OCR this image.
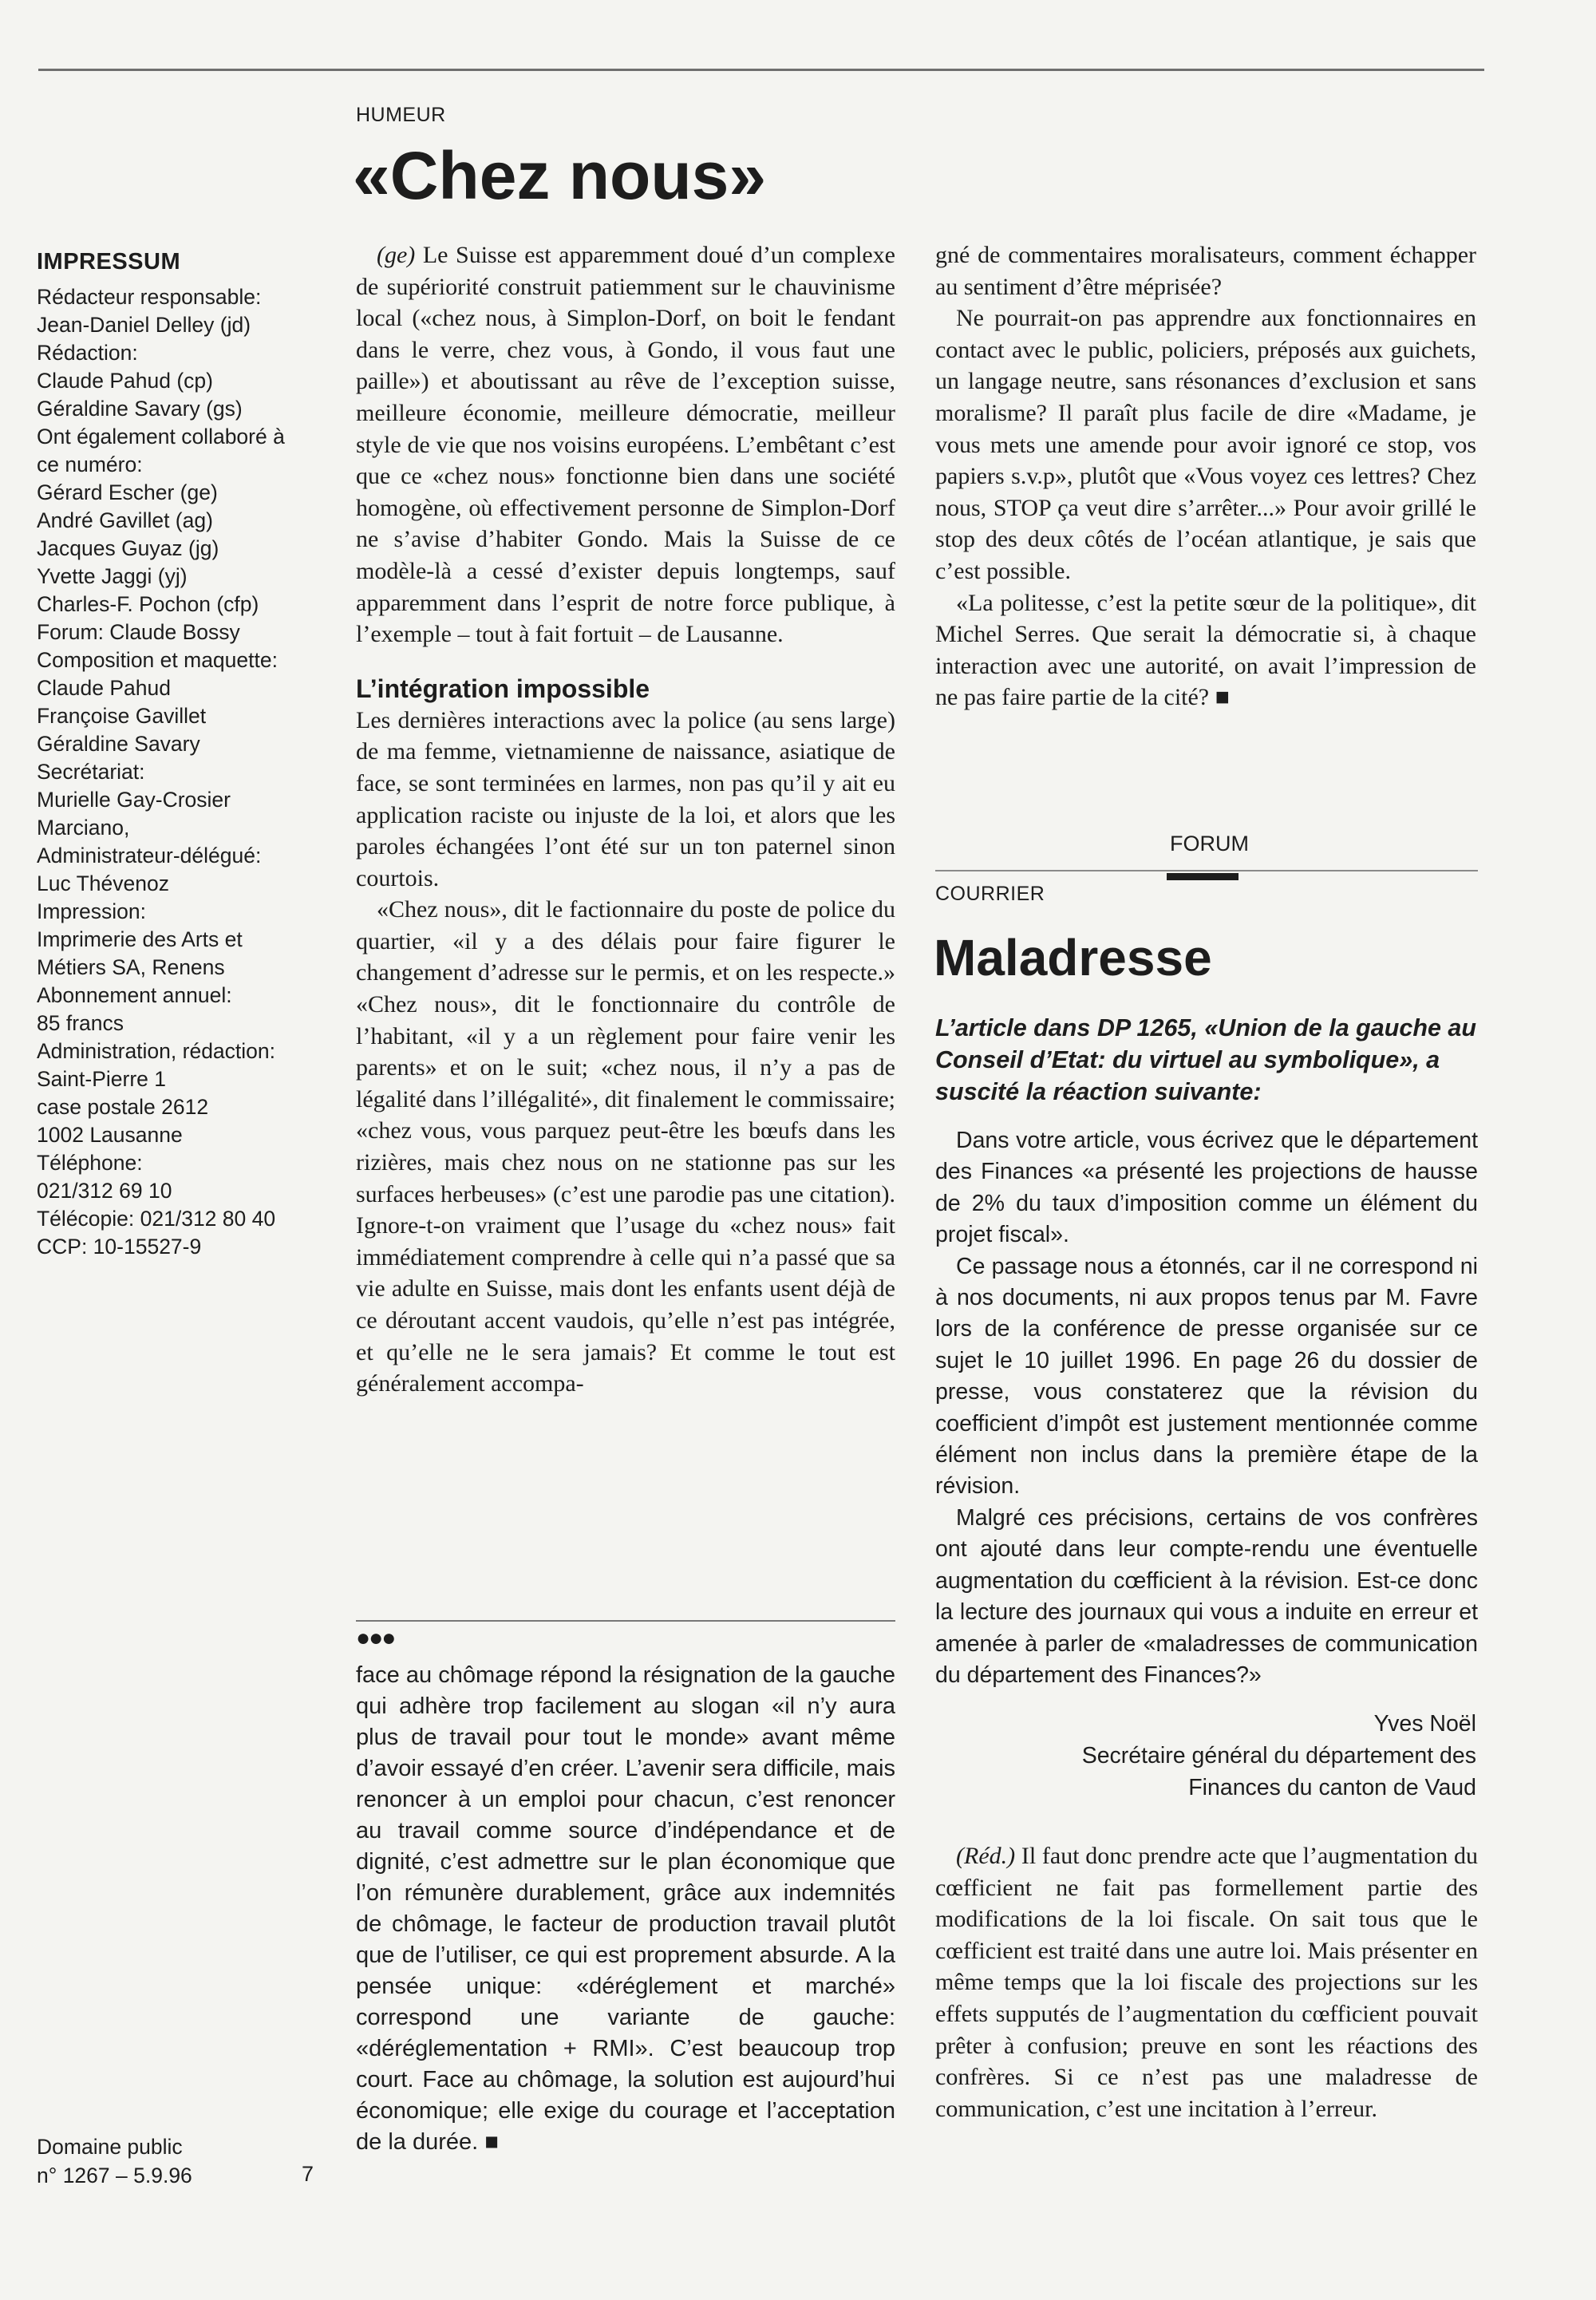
IMPRESSUM

Rédacteur responsable:

Jean-Daniel Delley (jd)

Rédaction:

Claude Pahud (cp)

Géraldine Savary (gs)

Ont également collaboré à

ce numéro:

Gérard Escher (ge)

André Gavillet (ag)

Jacques Guyaz (jg)

Yvette Jaggi (yj)

Charles-F. Pochon (cfp)

Forum: Claude Bossy

Composition et maquette:

Claude Pahud

Françoise Gavillet

Géraldine Savary

Secrétariat:

Murielle Gay-Crosier

Marciano,

Administrateur-délégué:

Luc Thévenoz

Impression:

Imprimerie des Arts et

Métiers SA, Renens

Abonnement annuel:

85 francs

Administration, rédaction:

Saint-Pierre 1

case postale 2612

1002 Lausanne

Téléphone:

021/312 69 10

Télécopie: 021/312 80 40

CCP: 10-15527-9

Domaine public
n° 1267 – 5.9.96	7
HUMEUR
«Chez nous»

(ge) Le Suisse est apparemment doué d’un complexe de supériorité construit patiemment sur le chauvinisme local («chez nous, à Simplon-Dorf, on boit le fendant dans le verre, chez vous, à Gondo, il vous faut une paille») et aboutissant au rêve de l’exception suisse, meilleure économie, meilleure démocratie, meilleur style de vie que nos voisins européens. L’embêtant c’est que ce «chez nous» fonctionne bien dans une société homogène, où effectivement personne de Simplon-Dorf ne s’avise d’habiter Gondo. Mais la Suisse de ce modèle-là a cessé d’exister depuis longtemps, sauf apparemment dans l’esprit de notre force publique, à l’exemple – tout à fait fortuit – de Lausanne.

L’intégration impossible

Les dernières interactions avec la police (au sens large) de ma femme, vietnamienne de naissance, asiatique de face, se sont terminées en larmes, non pas qu’il y ait eu application raciste ou injuste de la loi, et alors que les paroles échangées l’ont été sur un ton paternel sinon courtois.

«Chez nous», dit le factionnaire du poste de police du quartier, «il y a des délais pour faire figurer le changement d’adresse sur le permis, et on les respecte.» «Chez nous», dit le fonctionnaire du contrôle de l’habitant, «il y a un règlement pour faire venir les parents» et on le suit; «chez nous, il n’y a pas de légalité dans l’illégalité», dit finalement le commissaire; «chez vous, vous parquez peut-être les bœufs dans les rizières, mais chez nous on ne stationne pas sur les surfaces herbeuses» (c’est une parodie pas une citation). Ignore-t-on vraiment que l’usage du «chez nous» fait immédiatement comprendre à celle qui n’a passé que sa vie adulte en Suisse, mais dont les enfants usent déjà de ce déroutant accent vaudois, qu’elle n’est pas intégrée, et qu’elle ne le sera jamais? Et comme le tout est généralement accompa-

●●●

face au chômage répond la résignation de la gauche qui adhère trop facilement au slogan «il n’y aura plus de travail pour tout le monde» avant même d’avoir essayé d’en créer. L’avenir sera difficile, mais renoncer à un emploi pour chacun, c’est renoncer au travail comme source d’indépendance et de dignité, c’est admettre sur le plan économique que l’on rémunère durablement, grâce aux indemnités de chômage, le facteur de production travail plutôt que de l’utiliser, ce qui est proprement absurde. A la pensée unique: «déréglement et marché» correspond une variante de gauche: «déréglementation + RMI». C’est beaucoup trop court. Face au chômage, la solution est aujourd’hui économique; elle exige du courage et l’acceptation de la durée. ■

gné de commentaires moralisateurs, comment échapper au sentiment d’être méprisée?

Ne pourrait-on pas apprendre aux fonctionnaires en contact avec le public, policiers, préposés aux guichets, un langage neutre, sans résonances d’exclusion et sans moralisme? Il paraît plus facile de dire «Madame, je vous mets une amende pour avoir ignoré ce stop, vos papiers s.v.p», plutôt que «Vous voyez ces lettres? Chez nous, STOP ça veut dire s’arrêter...» Pour avoir grillé le stop des deux côtés de l’océan atlantique, je sais que c’est possible.

«La politesse, c’est la petite sœur de la politique», dit Michel Serres. Que serait la démocratie si, à chaque interaction avec une autorité, on avait l’impression de ne pas faire partie de la cité? ■

FORUM
COURRIER
Maladresse

L’article dans DP 1265, «Union de la gauche au Conseil d’Etat: du virtuel au symbolique», a suscité la réaction suivante:

Dans votre article, vous écrivez que le département des Finances «a présenté les projections de hausse de 2% du taux d’imposition comme un élément du projet fiscal».

Ce passage nous a étonnés, car il ne correspond ni à nos documents, ni aux propos tenus par M. Favre lors de la conférence de presse organisée sur ce sujet le 10 juillet 1996. En page 26 du dossier de presse, vous constaterez que la révision du coefficient d’impôt est justement mentionnée comme élément non inclus dans la première étape de la révision.

Malgré ces précisions, certains de vos confrères ont ajouté dans leur compte-rendu une éventuelle augmentation du cœfficient à la révision. Est-ce donc la lecture des journaux qui vous a induite en erreur et amenée à parler de «maladresses de communication du département des Finances?»

Yves Noël
Secrétaire général du département des
Finances du canton de Vaud

(Réd.) Il faut donc prendre acte que l’augmentation du cœfficient ne fait pas formellement partie des modifications de la loi fiscale. On sait tous que le cœfficient est traité dans une autre loi. Mais présenter en même temps que la loi fiscale des projections sur les effets supputés de l’augmentation du cœfficient pouvait prêter à confusion; preuve en sont les réactions des confrères. Si ce n’est pas une maladresse de communication, c’est une incitation à l’erreur.
